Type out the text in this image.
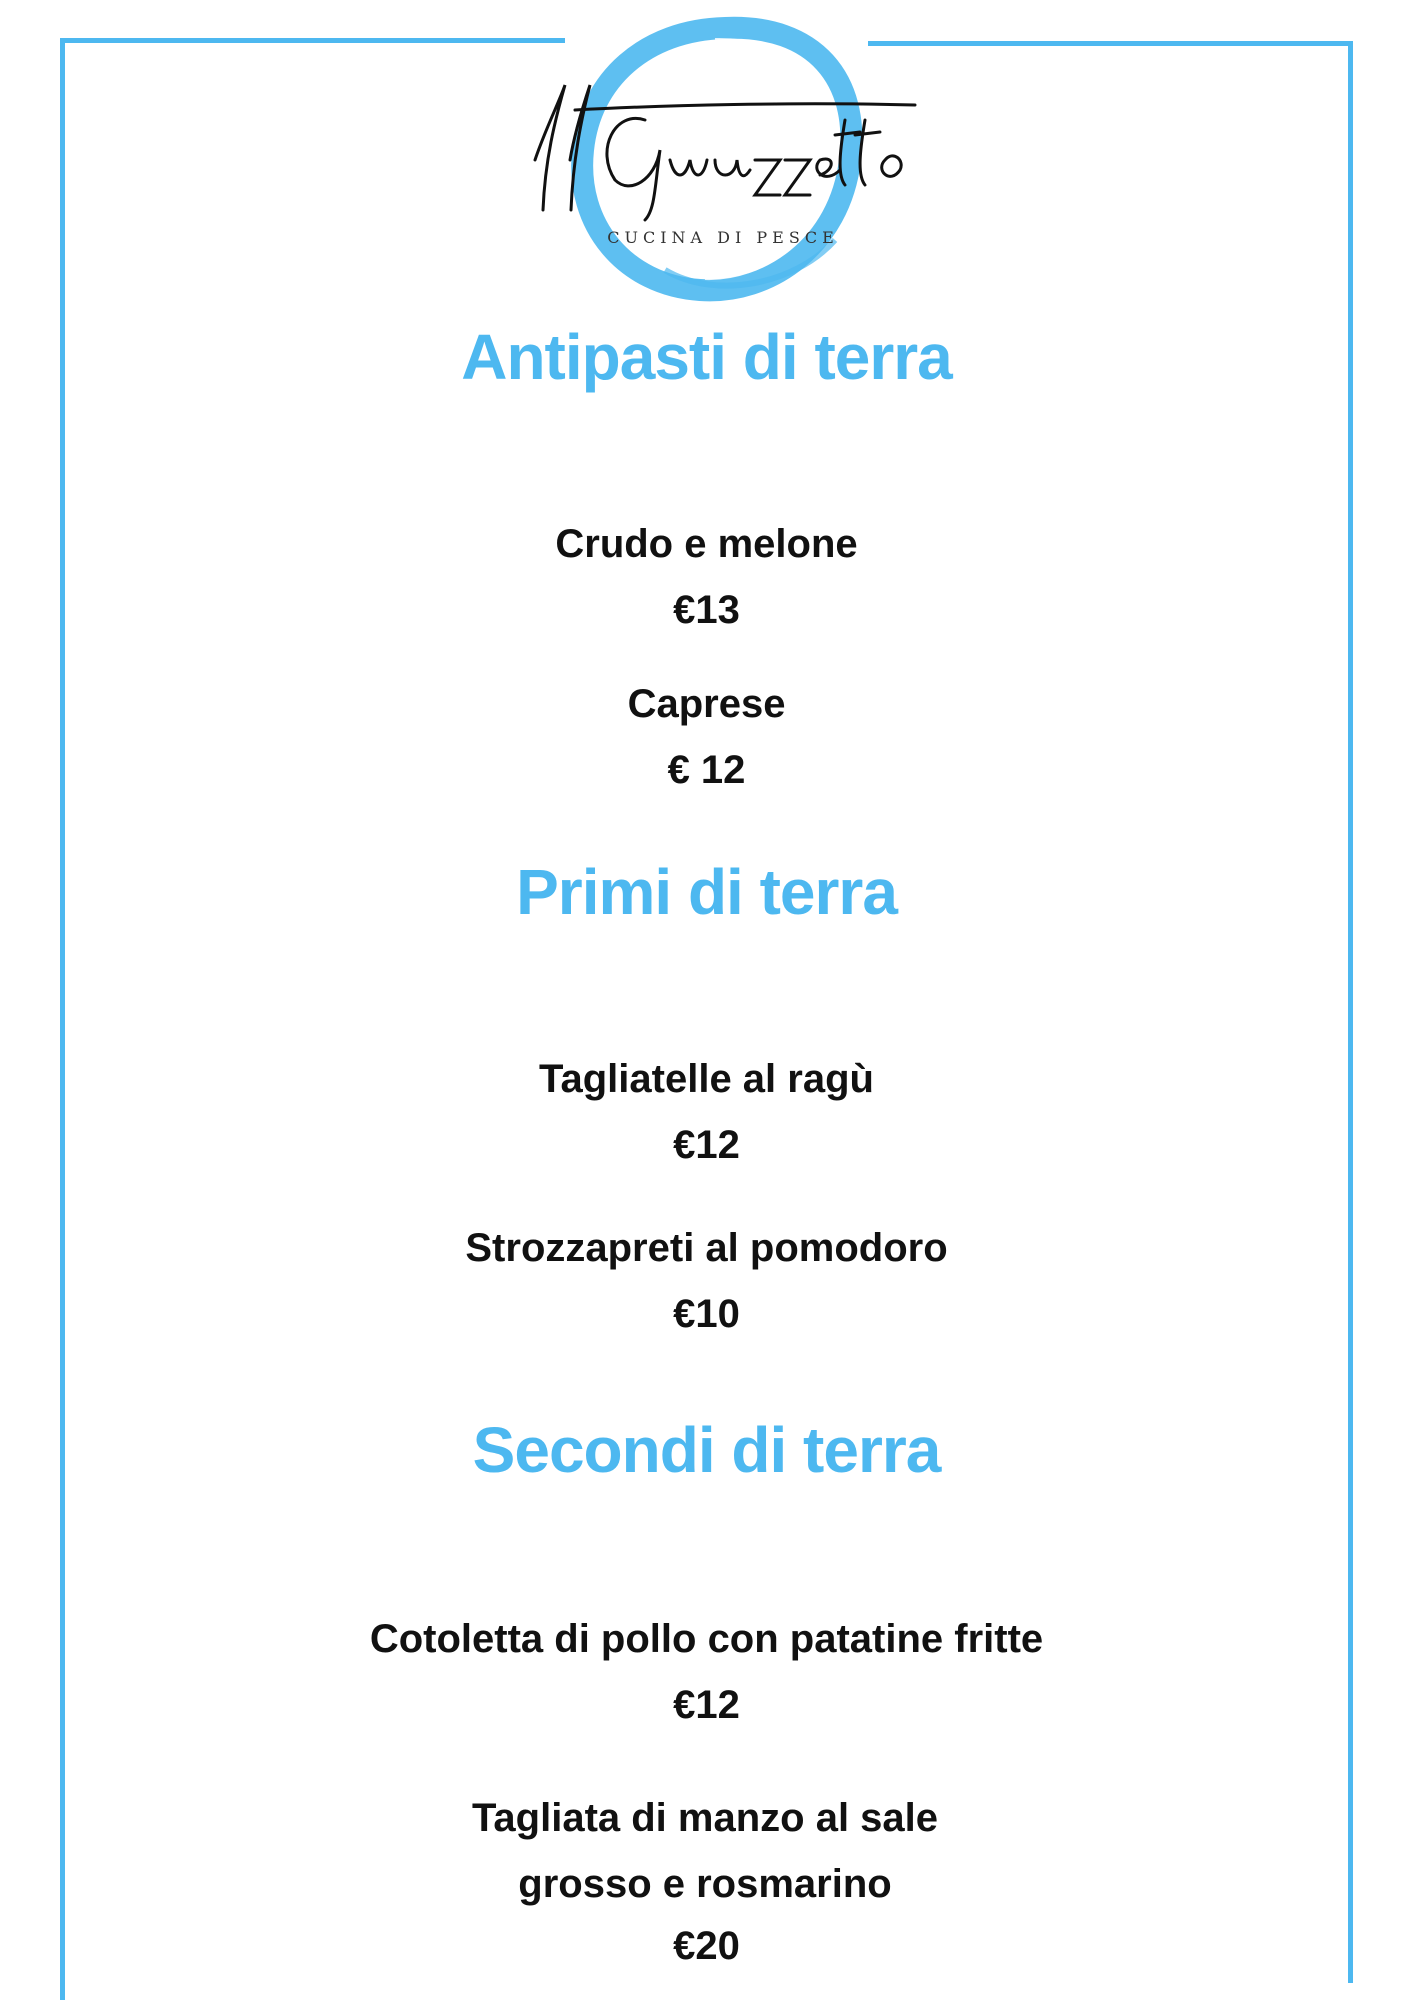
CUCINA DI PESCE
Antipasti di terra
Crudo e melone
€13
Caprese
€ 12
Primi di terra
Tagliatelle al ragù
€12
Strozzapreti al pomodoro
€10
Secondi di terra
Cotoletta di pollo con patatine fritte
€12
Tagliata di manzo al sale grosso e rosmarino
€20
